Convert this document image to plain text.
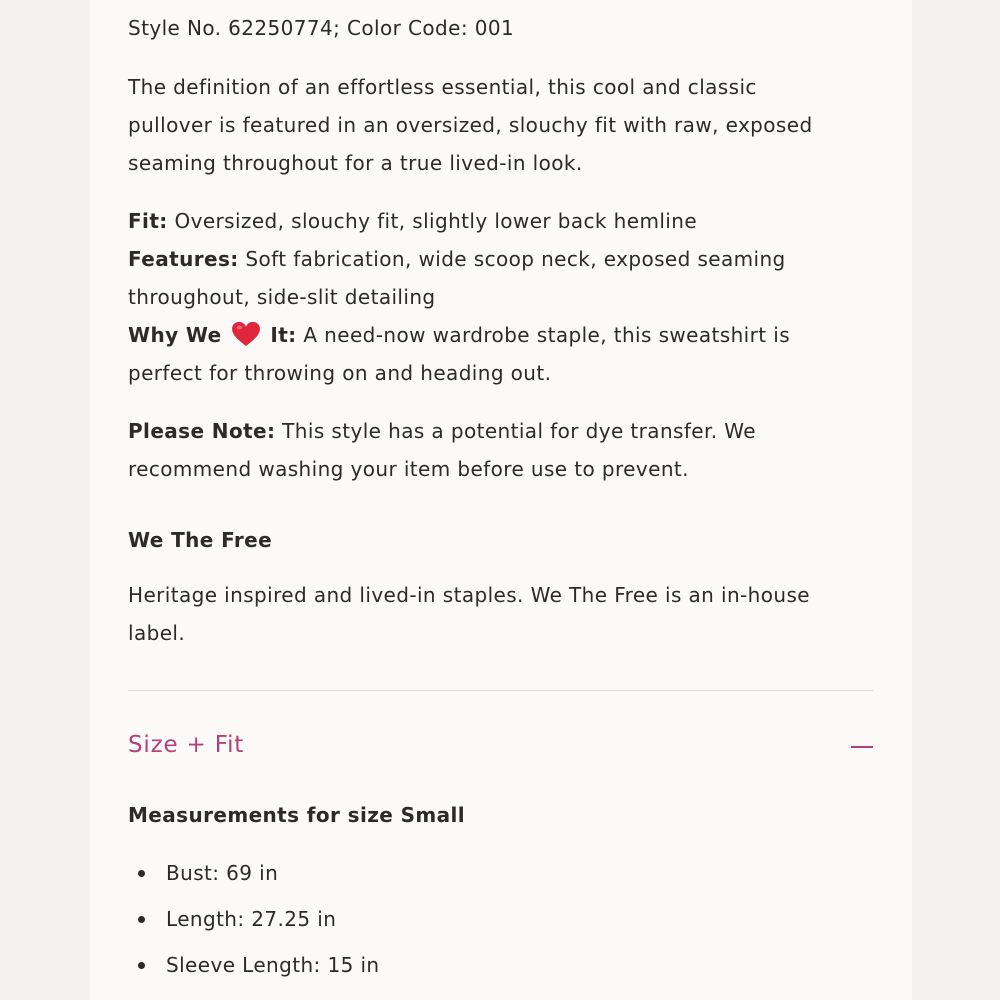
Style No. 62250774; Color Code: 001

The definition of an effortless essential, this cool and classic pullover is featured in an oversized, slouchy fit with raw, exposed seaming throughout for a true lived-in look.

Fit: Oversized, slouchy fit, slightly lower back hemline
Features: Soft fabrication, wide scoop neck, exposed seaming throughout, side-slit detailing
Why We It: A need-now wardrobe staple, this sweatshirt is perfect for throwing on and heading out.

Please Note: This style has a potential for dye transfer. We recommend washing your item before use to prevent.

We The Free

Heritage inspired and lived-in staples. We The Free is an in-house label.

Size + Fit
Measurements for size Small
Bust: 69 in
Length: 27.25 in
Sleeve Length: 15 in
